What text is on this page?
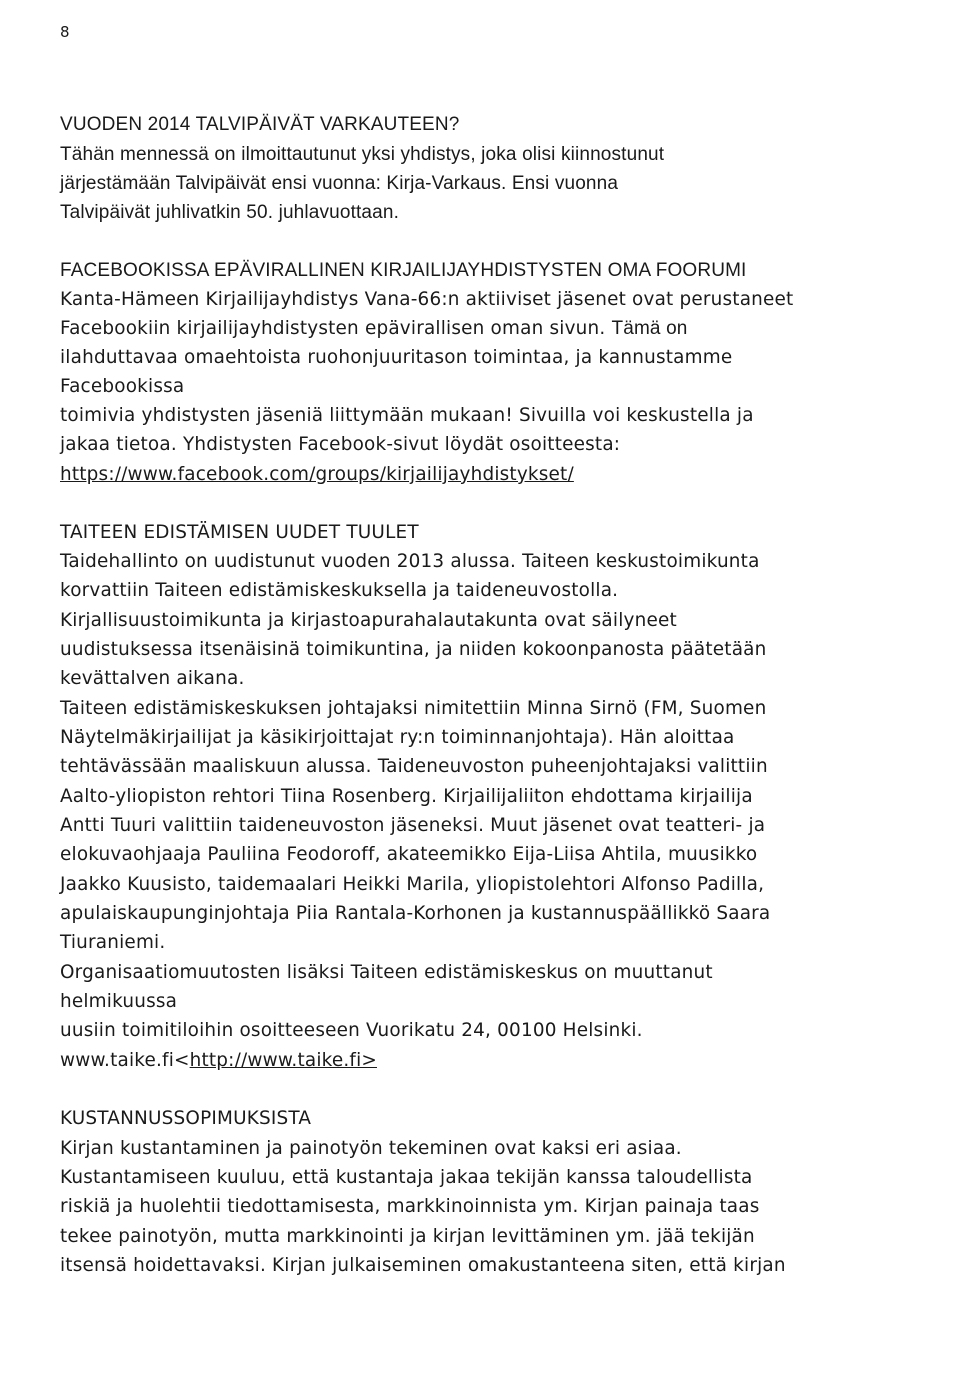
8

VUODEN 2014 TALVIPÄIVÄT VARKAUTEEN?

Tähän mennessä on ilmoittautunut yksi yhdistys, joka olisi kiinnostunut

järjestämään Talvipäivät ensi vuonna: Kirja-Varkaus. Ensi vuonna

Talvipäivät juhlivatkin 50. juhlavuottaan.

FACEBOOKISSA EPÄVIRALLINEN KIRJAILIJAYHDISTYSTEN OMA FOORUMI

Kanta-Hämeen Kirjailijayhdistys Vana-66:n aktiiviset jäsenet ovat perustaneet

Facebookiin kirjailijayhdistysten epävirallisen oman sivun. Tämä on

ilahduttavaa omaehtoista ruohonjuuritason toimintaa, ja kannustamme

Facebookissa

toimivia yhdistysten jäseniä liittymään mukaan! Sivuilla voi keskustella ja

jakaa tietoa. Yhdistysten Facebook-sivut löydät osoitteesta:

https://www.facebook.com/groups/kirjailijayhdistykset/

TAITEEN EDISTÄMISEN UUDET TUULET

Taidehallinto on uudistunut vuoden 2013 alussa. Taiteen keskustoimikunta

korvattiin Taiteen edistämiskeskuksella ja taideneuvostolla.

Kirjallisuustoimikunta ja kirjastoapurahalautakunta ovat säilyneet

uudistuksessa itsenäisinä toimikuntina, ja niiden kokoonpanosta päätetään

kevättalven aikana.

Taiteen edistämiskeskuksen johtajaksi nimitettiin Minna Sirnö (FM, Suomen

Näytelmäkirjailijat ja käsikirjoittajat ry:n toiminnanjohtaja). Hän aloittaa

tehtävässään maaliskuun alussa. Taideneuvoston puheenjohtajaksi valittiin

Aalto-yliopiston rehtori Tiina Rosenberg. Kirjailijaliiton ehdottama kirjailija

Antti Tuuri valittiin taideneuvoston jäseneksi. Muut jäsenet ovat teatteri- ja

elokuvaohjaaja Pauliina Feodoroff, akateemikko Eija-Liisa Ahtila, muusikko

Jaakko Kuusisto, taidemaalari Heikki Marila, yliopistolehtori Alfonso Padilla,

apulaiskaupunginjohtaja Piia Rantala-Korhonen ja kustannuspäällikkö Saara

Tiuraniemi.

Organisaatiomuutosten lisäksi Taiteen edistämiskeskus on muuttanut

helmikuussa

uusiin toimitiloihin osoitteeseen Vuorikatu 24, 00100 Helsinki.

www.taike.fi<http://www.taike.fi>

KUSTANNUSSOPIMUKSISTA

Kirjan kustantaminen ja painotyön tekeminen ovat kaksi eri asiaa.

Kustantamiseen kuuluu, että kustantaja jakaa tekijän kanssa taloudellista

riskiä ja huolehtii tiedottamisesta, markkinoinnista ym. Kirjan painaja taas

tekee painotyön, mutta markkinointi ja kirjan levittäminen ym. jää tekijän

itsensä hoidettavaksi. Kirjan julkaiseminen omakustanteena siten, että kirjan
